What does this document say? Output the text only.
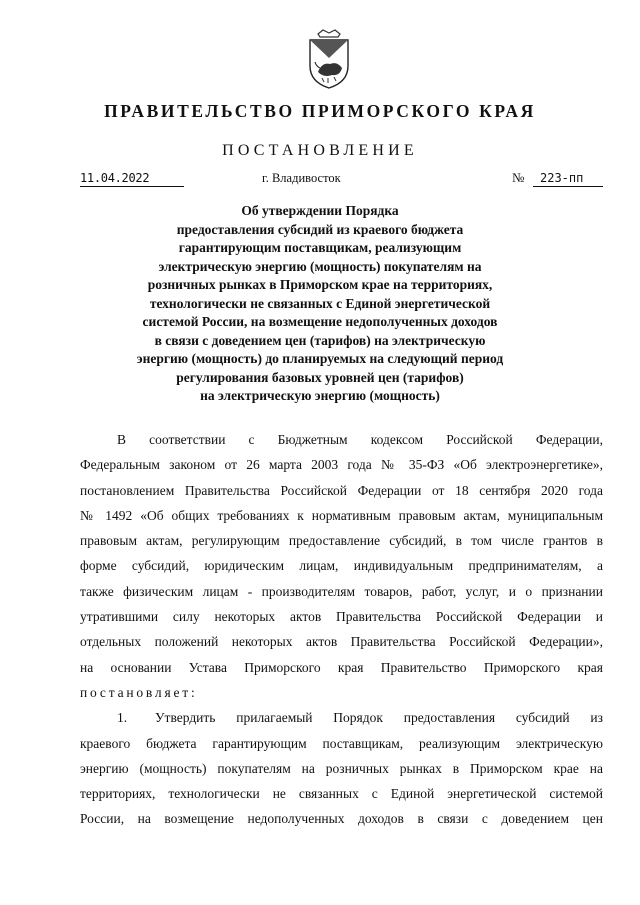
ПРАВИТЕЛЬСТВО ПРИМОРСКОГО КРАЯ
ПОСТАНОВЛЕНИЕ
11.04.2022	г. Владивосток	№	223-пп
Об утверждении Порядка
предоставления субсидий из краевого бюджета
гарантирующим поставщикам, реализующим
электрическую энергию (мощность) покупателям на
розничных рынках в Приморском крае на территориях,
технологически не связанных с Единой энергетической
системой России, на возмещение недополученных доходов
в связи с доведением цен (тарифов) на электрическую
энергию (мощность) до планируемых на следующий период
регулирования базовых уровней цен (тарифов)
на электрическую энергию (мощность)
В соответствии с Бюджетным кодексом Российской Федерации,
Федеральным законом от 26 марта 2003 года № 35-ФЗ «Об электроэнергетике»,
постановлением Правительства Российской Федерации от 18 сентября 2020 года
№ 1492 «Об общих требованиях к нормативным правовым актам, муниципальным
правовым актам, регулирующим предоставление субсидий, в том числе грантов в
форме субсидий, юридическим лицам, индивидуальным предпринимателям, а
также физическим лицам - производителям товаров, работ, услуг, и о признании
утратившими силу некоторых актов Правительства Российской Федерации и
отдельных положений некоторых актов Правительства Российской Федерации»,
на основании Устава Приморского края Правительство Приморского края
постановляет:
1. Утвердить прилагаемый Порядок предоставления субсидий из
краевого бюджета гарантирующим поставщикам, реализующим электрическую
энергию (мощность) покупателям на розничных рынках в Приморском крае на
территориях, технологически не связанных с Единой энергетической системой
России, на возмещение недополученных доходов в связи с доведением цен
